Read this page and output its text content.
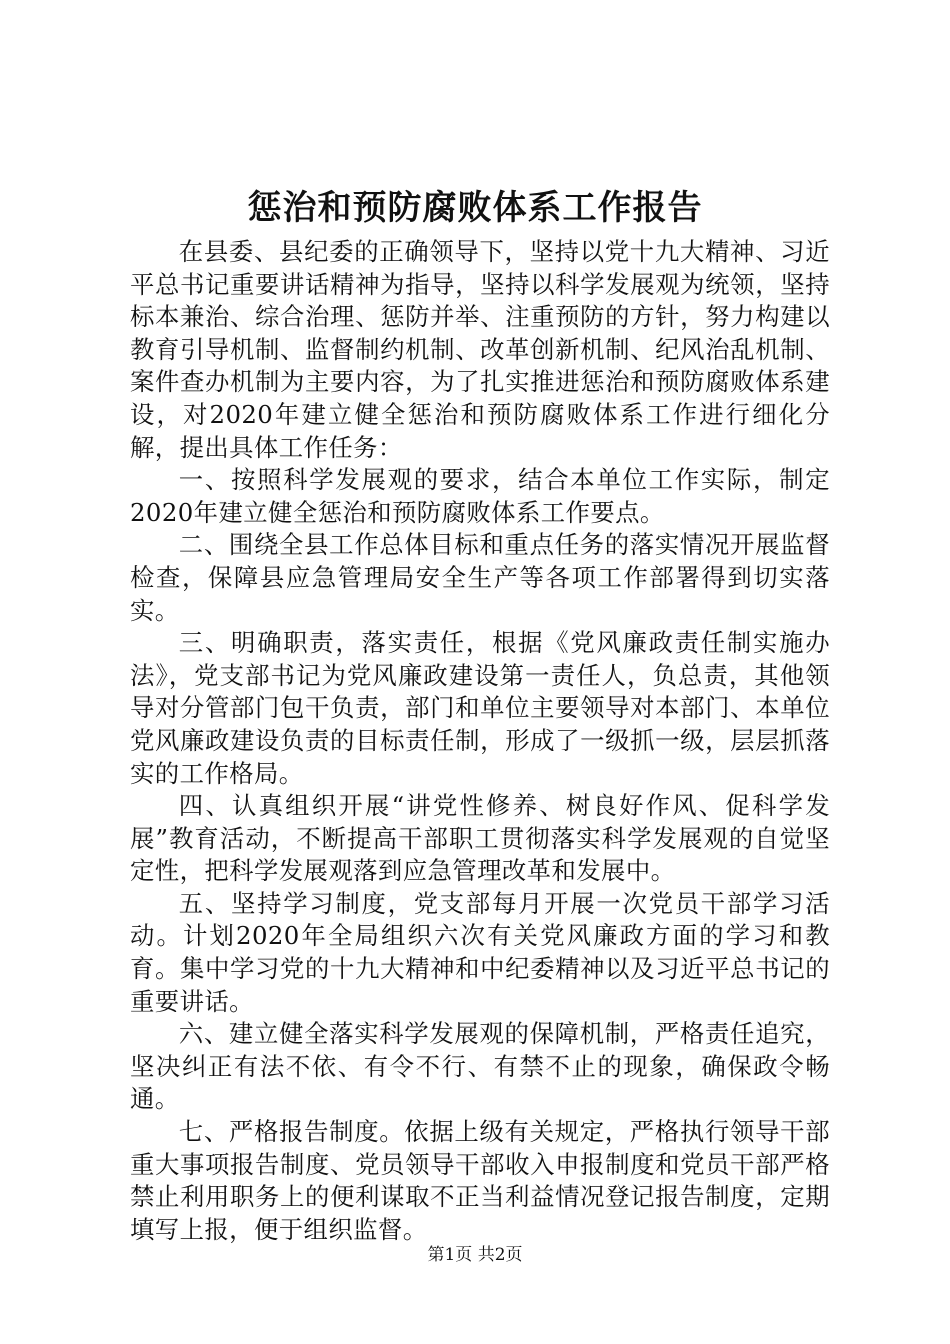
惩治和预防腐败体系工作报告

在县委、县纪委的正确领导下，坚持以党十九大精神、习近平总书记重要讲话精神为指导，坚持以科学发展观为统领，坚持标本兼治、综合治理、惩防并举、注重预防的方针，努力构建以教育引导机制、监督制约机制、改革创新机制、纪风治乱机制、案件查办机制为主要内容，为了扎实推进惩治和预防腐败体系建设，对2020年建立健全惩治和预防腐败体系工作进行细化分解，提出具体工作任务：

一、按照科学发展观的要求，结合本单位工作实际，制定2020年建立健全惩治和预防腐败体系工作要点。

二、围绕全县工作总体目标和重点任务的落实情况开展监督检查，保障县应急管理局安全生产等各项工作部署得到切实落实。

三、明确职责，落实责任，根据《党风廉政责任制实施办法》，党支部书记为党风廉政建设第一责任人，负总责，其他领导对分管部门包干负责，部门和单位主要领导对本部门、本单位党风廉政建设负责的目标责任制，形成了一级抓一级，层层抓落实的工作格局。

四、认真组织开展“讲党性修养、树良好作风、促科学发展”教育活动，不断提高干部职工贯彻落实科学发展观的自觉坚定性，把科学发展观落到应急管理改革和发展中。

五、坚持学习制度，党支部每月开展一次党员干部学习活动。计划2020年全局组织六次有关党风廉政方面的学习和教育。集中学习党的十九大精神和中纪委精神以及习近平总书记的重要讲话。

六、建立健全落实科学发展观的保障机制，严格责任追究，坚决纠正有法不依、有令不行、有禁不止的现象，确保政令畅通。

七、严格报告制度。依据上级有关规定，严格执行领导干部重大事项报告制度、党员领导干部收入申报制度和党员干部严格禁止利用职务上的便利谋取不正当利益情况登记报告制度，定期填写上报，便于组织监督。

第1页 共2页
